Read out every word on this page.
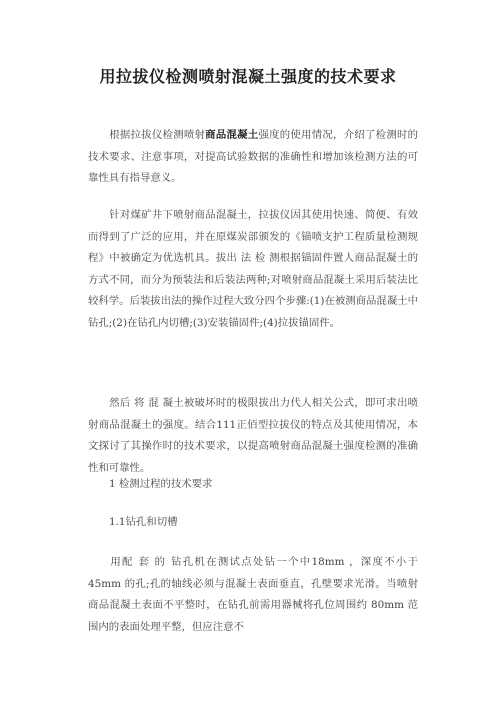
用拉拔仪检测喷射混凝土强度的技术要求

根据拉拔仪检测喷射商品混凝土强度的使用情况，介绍了检测时的技术要求、注意事项，对提高试验数据的准确性和增加该检测方法的可靠性具有指导意义。

针对煤矿井下喷射商品混凝土，拉拔仪因其使用快速、简便、有效而得到了广泛的应用，并在原煤炭部颁发的《锚喷支护工程质量检测规程》中被确定为优选机具。拔出 法 检 测根据锚固件置人商品混凝土的方式不同，而分为预装法和后装法两种;对喷射商品混凝土采用后装法比较科学。后装拔出法的操作过程大致分四个步骤:(1)在被测商品混凝土中钻孔;(2)在钻孔内切槽;(3)安装锚固件;(4)拉拔锚固件。

然后 将 混 凝土被破坏时的极限拔出力代人相关公式，即可求出喷射商品混凝土的强度。结合111正佰型拉拔仪的特点及其使用情况，本文探讨了其操作时的技术要求，以提高喷射商品混凝土强度检测的准确性和可靠性。

1 检测过程的技术要求

1.1钻孔和切槽

用配 套 的 钻孔机在测试点处钻一个中18mm ，深度不小于 45mm 的孔;孔的轴线必须与混凝土表面垂直，孔壁要求光滑。当喷射商品混凝土表面不平整时，在钻孔前需用器械将孔位周围约 80mm 范围内的表面处理平整，但应注意不
